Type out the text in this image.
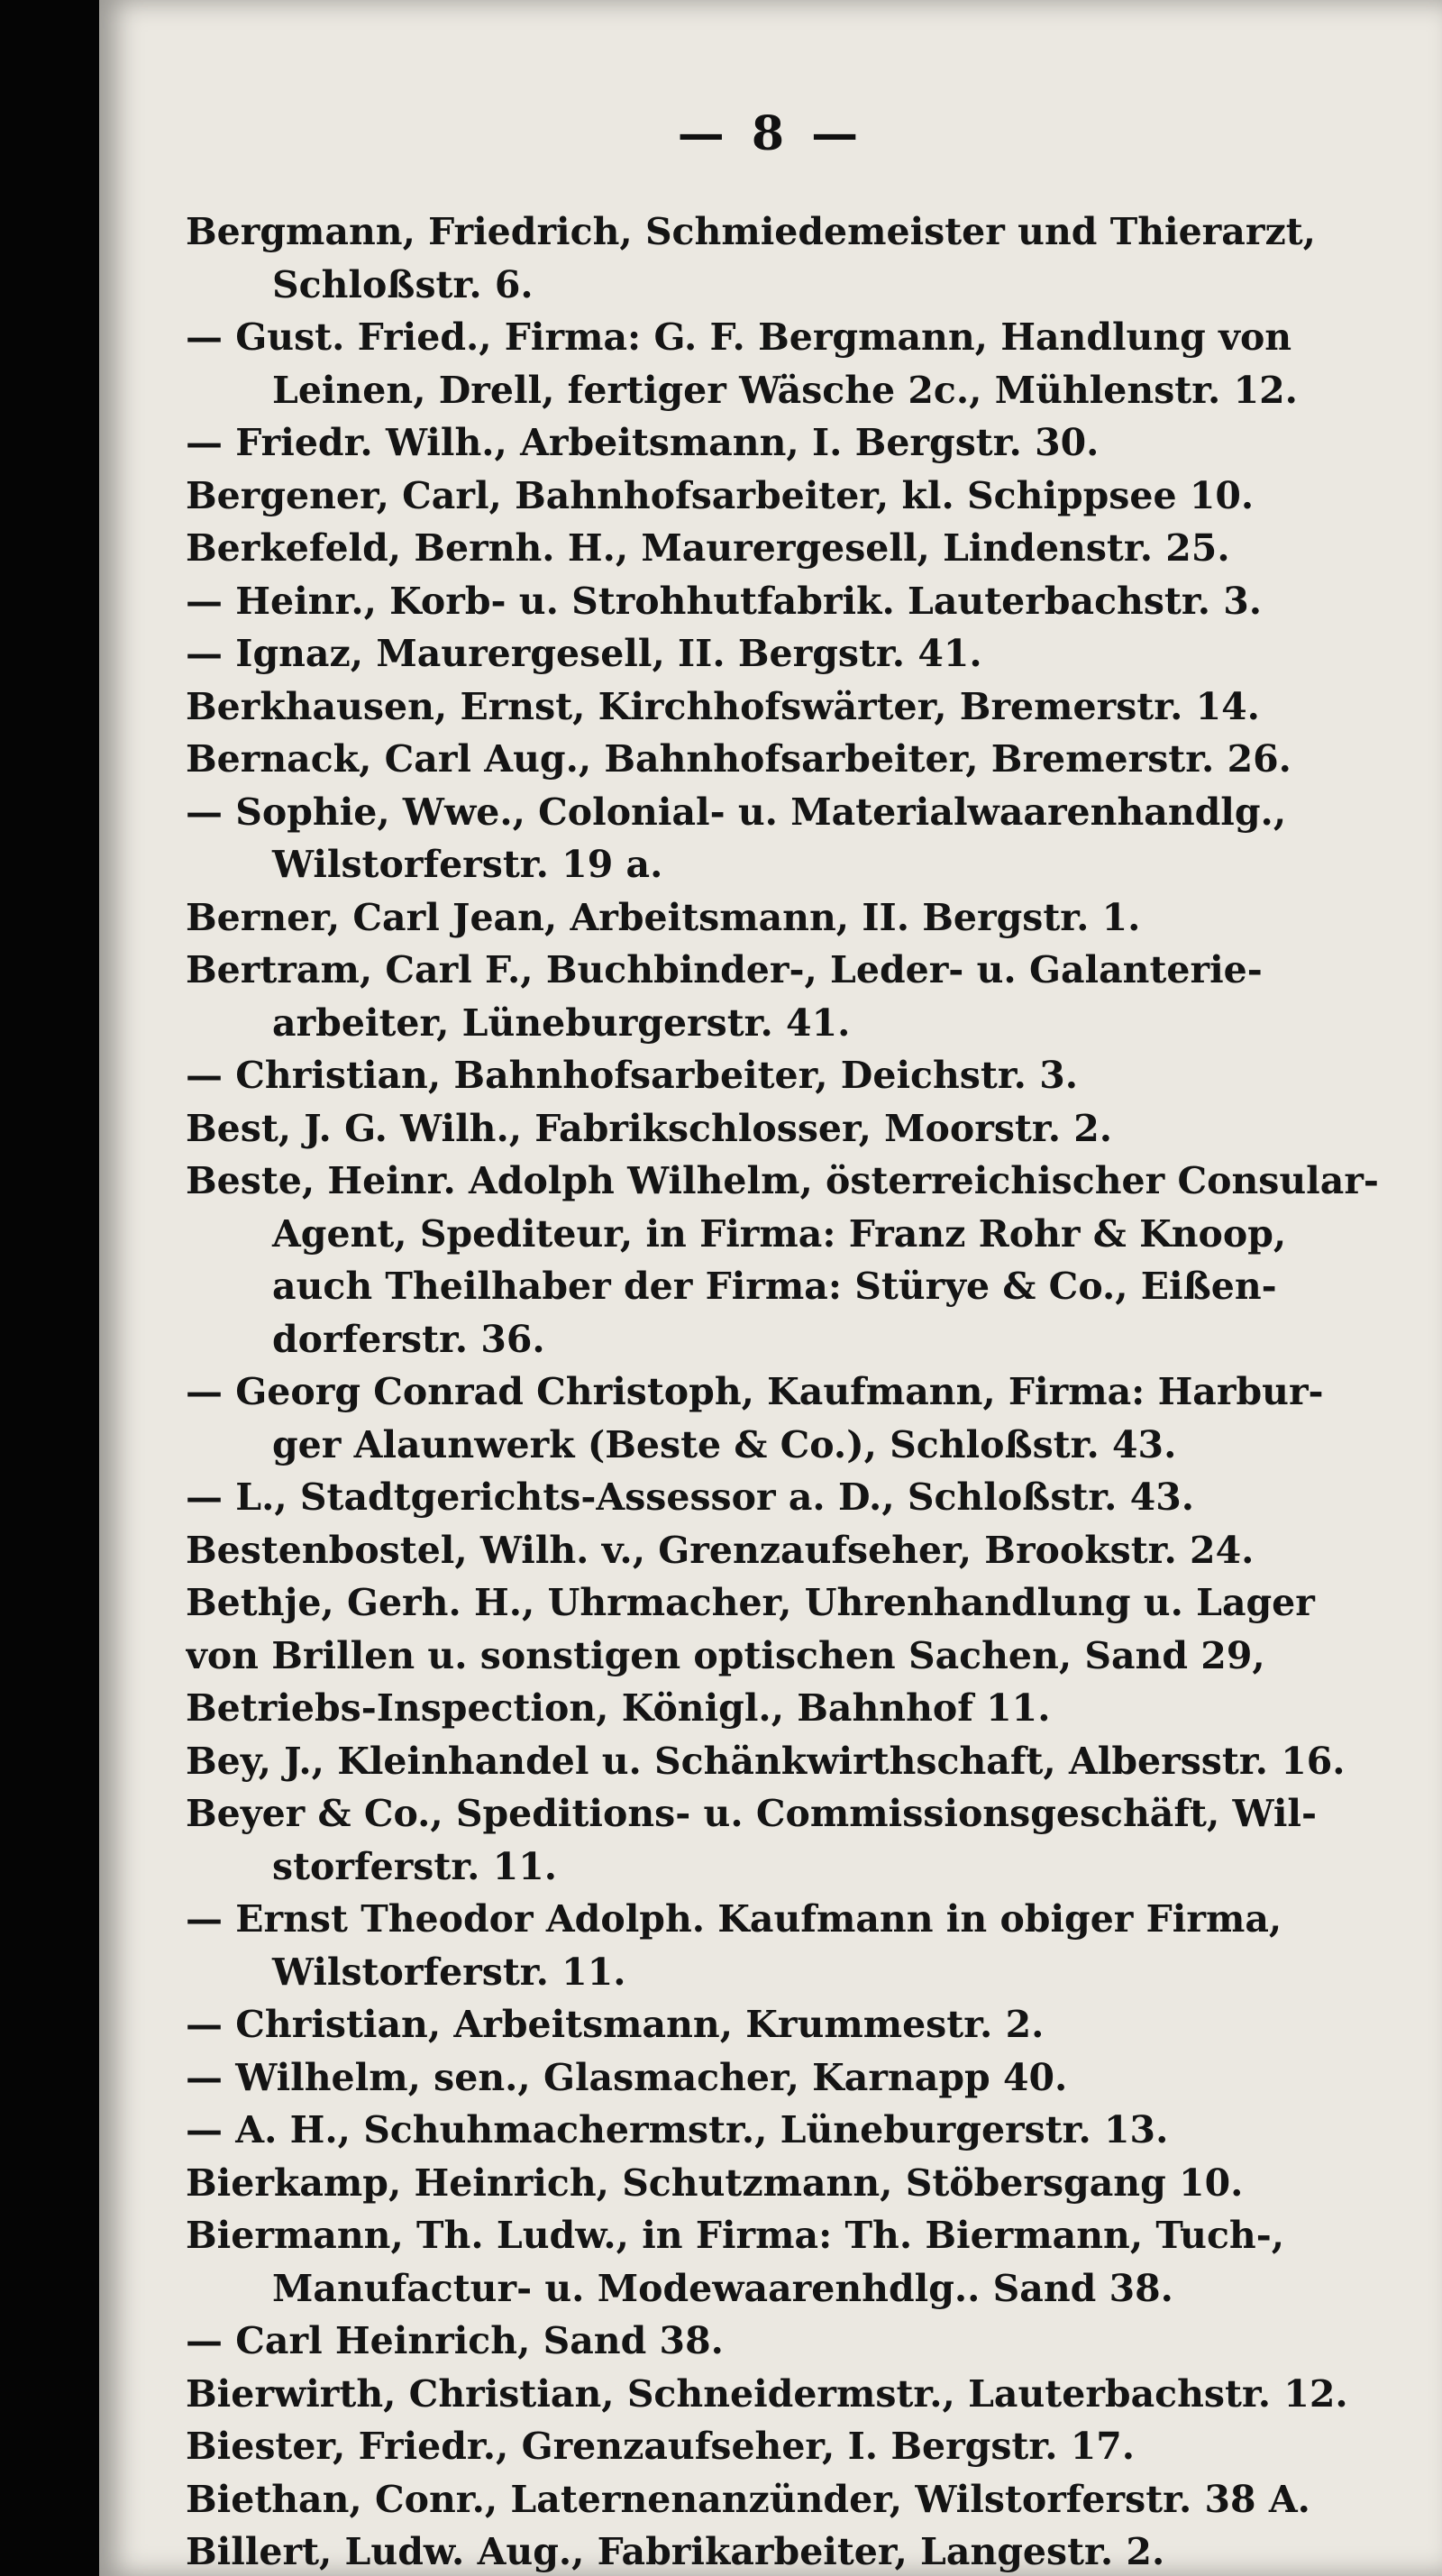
— 8 —
Bergmann, Friedrich, Schmiedemeister und Thierarzt,
Schloßstr. 6.
— Gust. Fried., Firma: G. F. Bergmann, Handlung von
Leinen, Drell, fertiger Wäsche 2c., Mühlenstr. 12.
— Friedr. Wilh., Arbeitsmann, I. Bergstr. 30.
Bergener, Carl, Bahnhofsarbeiter, kl. Schippsee 10.
Berkefeld, Bernh. H., Maurergesell, Lindenstr. 25.
— Heinr., Korb- u. Strohhutfabrik. Lauterbachstr. 3.
— Ignaz, Maurergesell, II. Bergstr. 41.
Berkhausen, Ernst, Kirchhofswärter, Bremerstr. 14.
Bernack, Carl Aug., Bahnhofsarbeiter, Bremerstr. 26.
— Sophie, Wwe., Colonial- u. Materialwaarenhandlg.,
Wilstorferstr. 19 a.
Berner, Carl Jean, Arbeitsmann, II. Bergstr. 1.
Bertram, Carl F., Buchbinder-, Leder- u. Galanterie-
arbeiter, Lüneburgerstr. 41.
— Christian, Bahnhofsarbeiter, Deichstr. 3.
Best, J. G. Wilh., Fabrikschlosser, Moorstr. 2.
Beste, Heinr. Adolph Wilhelm, österreichischer Consular-
Agent, Spediteur, in Firma: Franz Rohr & Knoop,
auch Theilhaber der Firma: Stürye & Co., Eißen-
dorferstr. 36.
— Georg Conrad Christoph, Kaufmann, Firma: Harbur-
ger Alaunwerk (Beste & Co.), Schloßstr. 43.
— L., Stadtgerichts-Assessor a. D., Schloßstr. 43.
Bestenbostel, Wilh. v., Grenzaufseher, Brookstr. 24.
Bethje, Gerh. H., Uhrmacher, Uhrenhandlung u. Lager
von Brillen u. sonstigen optischen Sachen, Sand 29,
Betriebs-Inspection, Königl., Bahnhof 11.
Bey, J., Kleinhandel u. Schänkwirthschaft, Albersstr. 16.
Beyer & Co., Speditions- u. Commissionsgeschäft, Wil-
storferstr. 11.
— Ernst Theodor Adolph. Kaufmann in obiger Firma,
Wilstorferstr. 11.
— Christian, Arbeitsmann, Krummestr. 2.
— Wilhelm, sen., Glasmacher, Karnapp 40.
— A. H., Schuhmachermstr., Lüneburgerstr. 13.
Bierkamp, Heinrich, Schutzmann, Stöbersgang 10.
Biermann, Th. Ludw., in Firma: Th. Biermann, Tuch-,
Manufactur- u. Modewaarenhdlg.. Sand 38.
— Carl Heinrich, Sand 38.
Bierwirth, Christian, Schneidermstr., Lauterbachstr. 12.
Biester, Friedr., Grenzaufseher, I. Bergstr. 17.
Biethan, Conr., Laternenanzünder, Wilstorferstr. 38 A.
Billert, Ludw. Aug., Fabrikarbeiter, Langestr. 2.
